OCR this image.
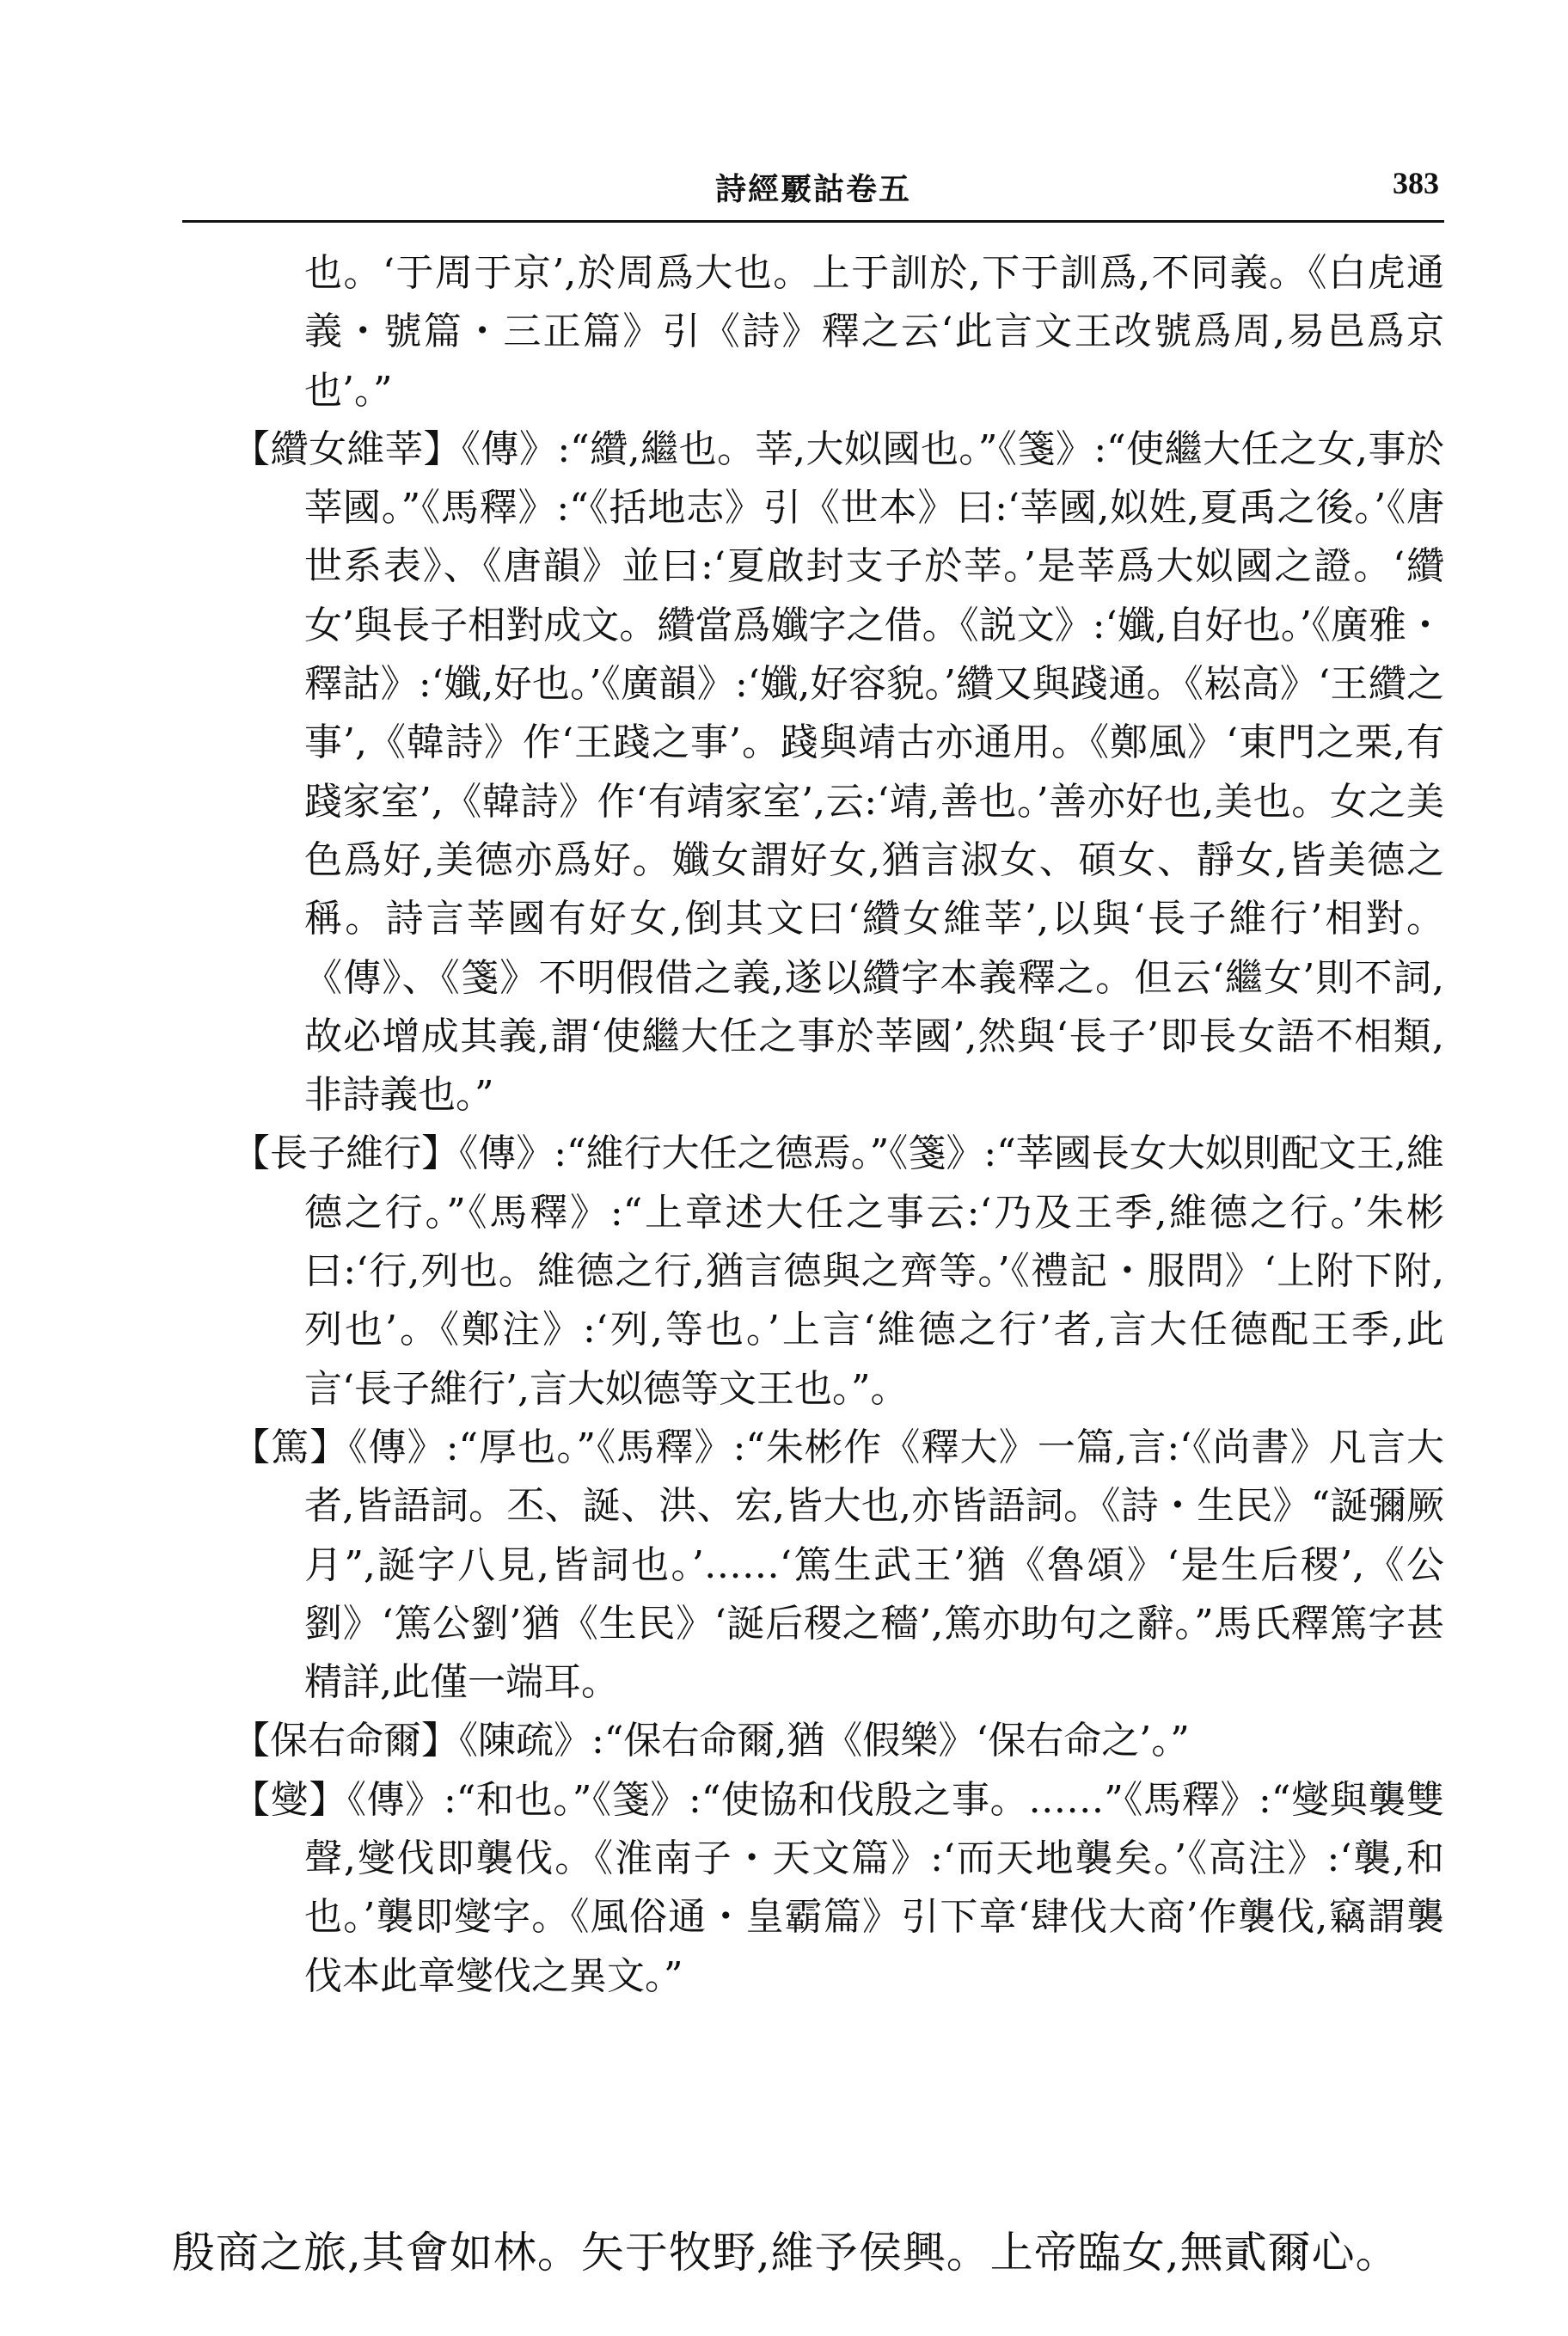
詩經覈詁卷五	383

也。‘于周于京’,於周爲大也。上于訓於,下于訓爲,不同義。《白虎通義・號篇・三正篇》引《詩》釋之云‘此言文王改號爲周,易邑爲京也’。”

【纘女維莘】《傳》:“纘,繼也。莘,大姒國也。”《箋》:“使繼大任之女,事於莘國。”《馬釋》:“《括地志》引《世本》曰:‘莘國,姒姓,夏禹之後。’《唐世系表》、《唐韻》並曰:‘夏啟封支子於莘。’是莘爲大姒國之證。‘纘女’與長子相對成文。纘當爲孅字之借。《説文》:‘孅,自好也。’《廣雅・釋詁》:‘孅,好也。’《廣韻》:‘孅,好容貌。’纘又與踐通。《崧高》‘王纘之事’,《韓詩》作‘王踐之事’。踐與靖古亦通用。《鄭風》‘東門之栗,有踐家室’,《韓詩》作‘有靖家室’,云:‘靖,善也。’善亦好也,美也。女之美色爲好,美德亦爲好。孅女謂好女,猶言淑女、碩女、靜女,皆美德之稱。詩言莘國有好女,倒其文曰‘纘女維莘’,以與‘長子維行’相對。《傳》、《箋》不明假借之義,遂以纘字本義釋之。但云‘繼女’則不詞,故必增成其義,謂‘使繼大任之事於莘國’,然與‘長子’即長女語不相類,非詩義也。”

【長子維行】《傳》:“維行大任之德焉。”《箋》:“莘國長女大姒則配文王,維德之行。”《馬釋》:“上章述大任之事云:‘乃及王季,維德之行。’朱彬曰:‘行,列也。維德之行,猶言德與之齊等。’《禮記・服問》‘上附下附,列也’。《鄭注》:‘列,等也。’上言‘維德之行’者,言大任德配王季,此言‘長子維行’,言大姒德等文王也。”。

【篤】《傳》:“厚也。”《馬釋》:“朱彬作《釋大》一篇,言:‘《尚書》凡言大者,皆語詞。丕、誕、洪、宏,皆大也,亦皆語詞。《詩・生民》“誕彌厥月”,誕字八見,皆詞也。’……‘篤生武王’猶《魯頌》‘是生后稷’,《公劉》‘篤公劉’猶《生民》‘誕后稷之穡’,篤亦助句之辭。”馬氏釋篤字甚精詳,此僅一端耳。

【保右命爾】《陳疏》:“保右命爾,猶《假樂》‘保右命之’。”

【燮】《傳》:“和也。”《箋》:“使協和伐殷之事。……”《馬釋》:“燮與襲雙聲,燮伐即襲伐。《淮南子・天文篇》:‘而天地襲矣。’《高注》:‘襲,和也。’襲即燮字。《風俗通・皇霸篇》引下章‘肆伐大商’作襲伐,竊謂襲伐本此章燮伐之異文。”

殷商之旅,其會如林。矢于牧野,維予侯興。上帝臨女,無貳爾心。
